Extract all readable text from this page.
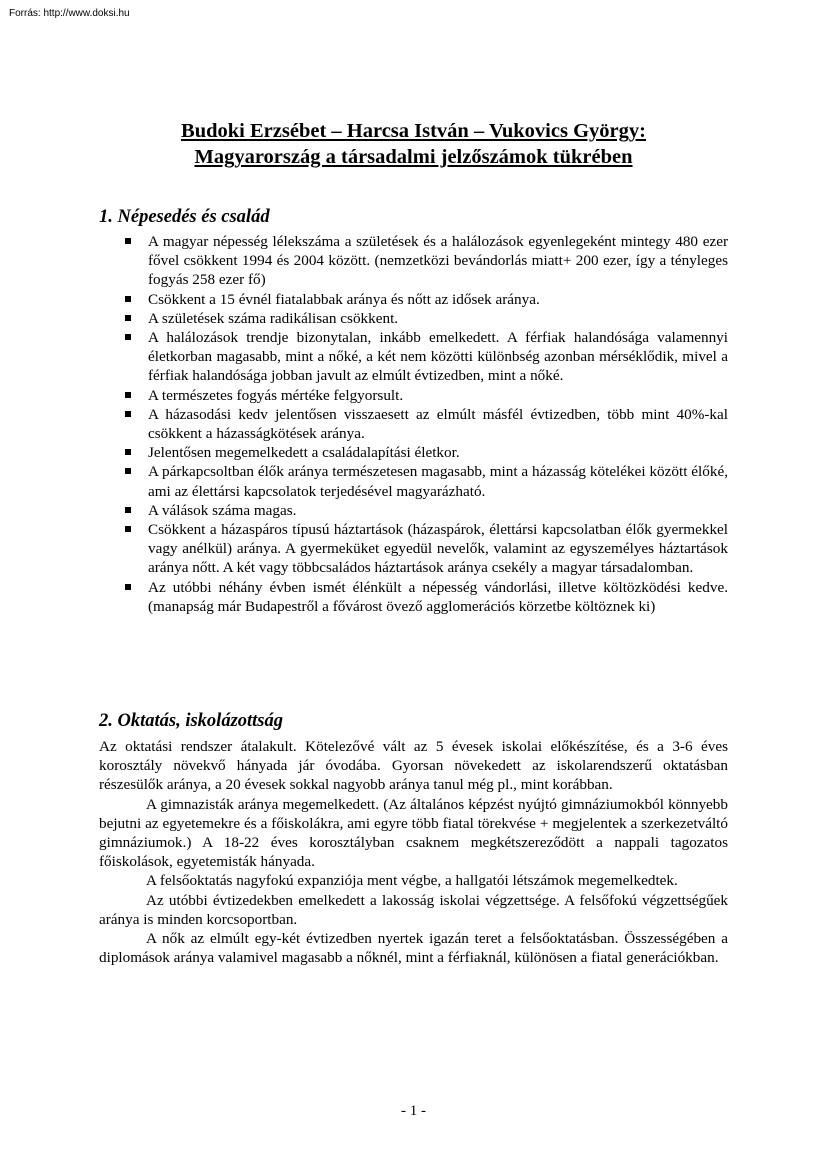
Forrás: http://www.doksi.hu
Budoki Erzsébet – Harcsa István – Vukovics György:
Magyarország a társadalmi jelzőszámok tükrében
1. Népesedés és család
A magyar népesség lélekszáma a születések és a halálozások egyenlegeként mintegy 480 ezer fővel csökkent 1994 és 2004 között. (nemzetközi bevándorlás miatt+ 200 ezer, így a tényleges fogyás 258 ezer fő)
Csökkent a 15 évnél fiatalabbak aránya és nőtt az idősek aránya.
A születések száma radikálisan csökkent.
A halálozások trendje bizonytalan, inkább emelkedett. A férfiak halandósága valamennyi életkorban magasabb, mint a nőké, a két nem közötti különbség azonban mérséklődik, mivel a férfiak halandósága jobban javult az elmúlt évtizedben, mint a nőké.
A természetes fogyás mértéke felgyorsult.
A házasodási kedv jelentősen visszaesett az elmúlt másfél évtizedben, több mint 40%-kal csökkent a házasságkötések aránya.
Jelentősen megemelkedett a családalapítási életkor.
A párkapcsoltban élők aránya természetesen magasabb, mint a házasság kötelékei között élőké, ami az élettársi kapcsolatok terjedésével magyarázható.
A válások száma magas.
Csökkent a házaspáros típusú háztartások (házaspárok, élettársi kapcsolatban élők gyermekkel vagy anélkül) aránya. A gyermeküket egyedül nevelők, valamint az egyszemélyes háztartások aránya nőtt. A két vagy többcsaládos háztartások aránya csekély a magyar társadalomban.
Az utóbbi néhány évben ismét élénkült a népesség vándorlási, illetve költözködési kedve. (manapság már Budapestről a fővárost övező agglomerációs körzetbe költöznek ki)
2. Oktatás, iskolázottság

Az oktatási rendszer átalakult. Kötelezővé vált az 5 évesek iskolai előkészítése, és a 3-6 éves korosztály növekvő hányada jár óvodába. Gyorsan növekedett az iskolarendszerű oktatásban részesülők aránya, a 20 évesek sokkal nagyobb aránya tanul még pl., mint korábban.

A gimnazisták aránya megemelkedett. (Az általános képzést nyújtó gimnáziumokból könnyebb bejutni az egyetemekre és a főiskolákra, ami egyre több fiatal törekvése + megjelentek a szerkezetváltó gimnáziumok.) A 18-22 éves korosztályban csaknem megkétszereződött a nappali tagozatos főiskolások, egyetemisták hányada.

A felsőoktatás nagyfokú expanziója ment végbe, a hallgatói létszámok megemelkedtek.

Az utóbbi évtizedekben emelkedett a lakosság iskolai végzettsége. A felsőfokú végzettségűek aránya is minden korcsoportban.

A nők az elmúlt egy-két évtizedben nyertek igazán teret a felsőoktatásban. Összességében a diplomások aránya valamivel magasabb a nőknél, mint a férfiaknál, különösen a fiatal generációkban.

- 1 -
